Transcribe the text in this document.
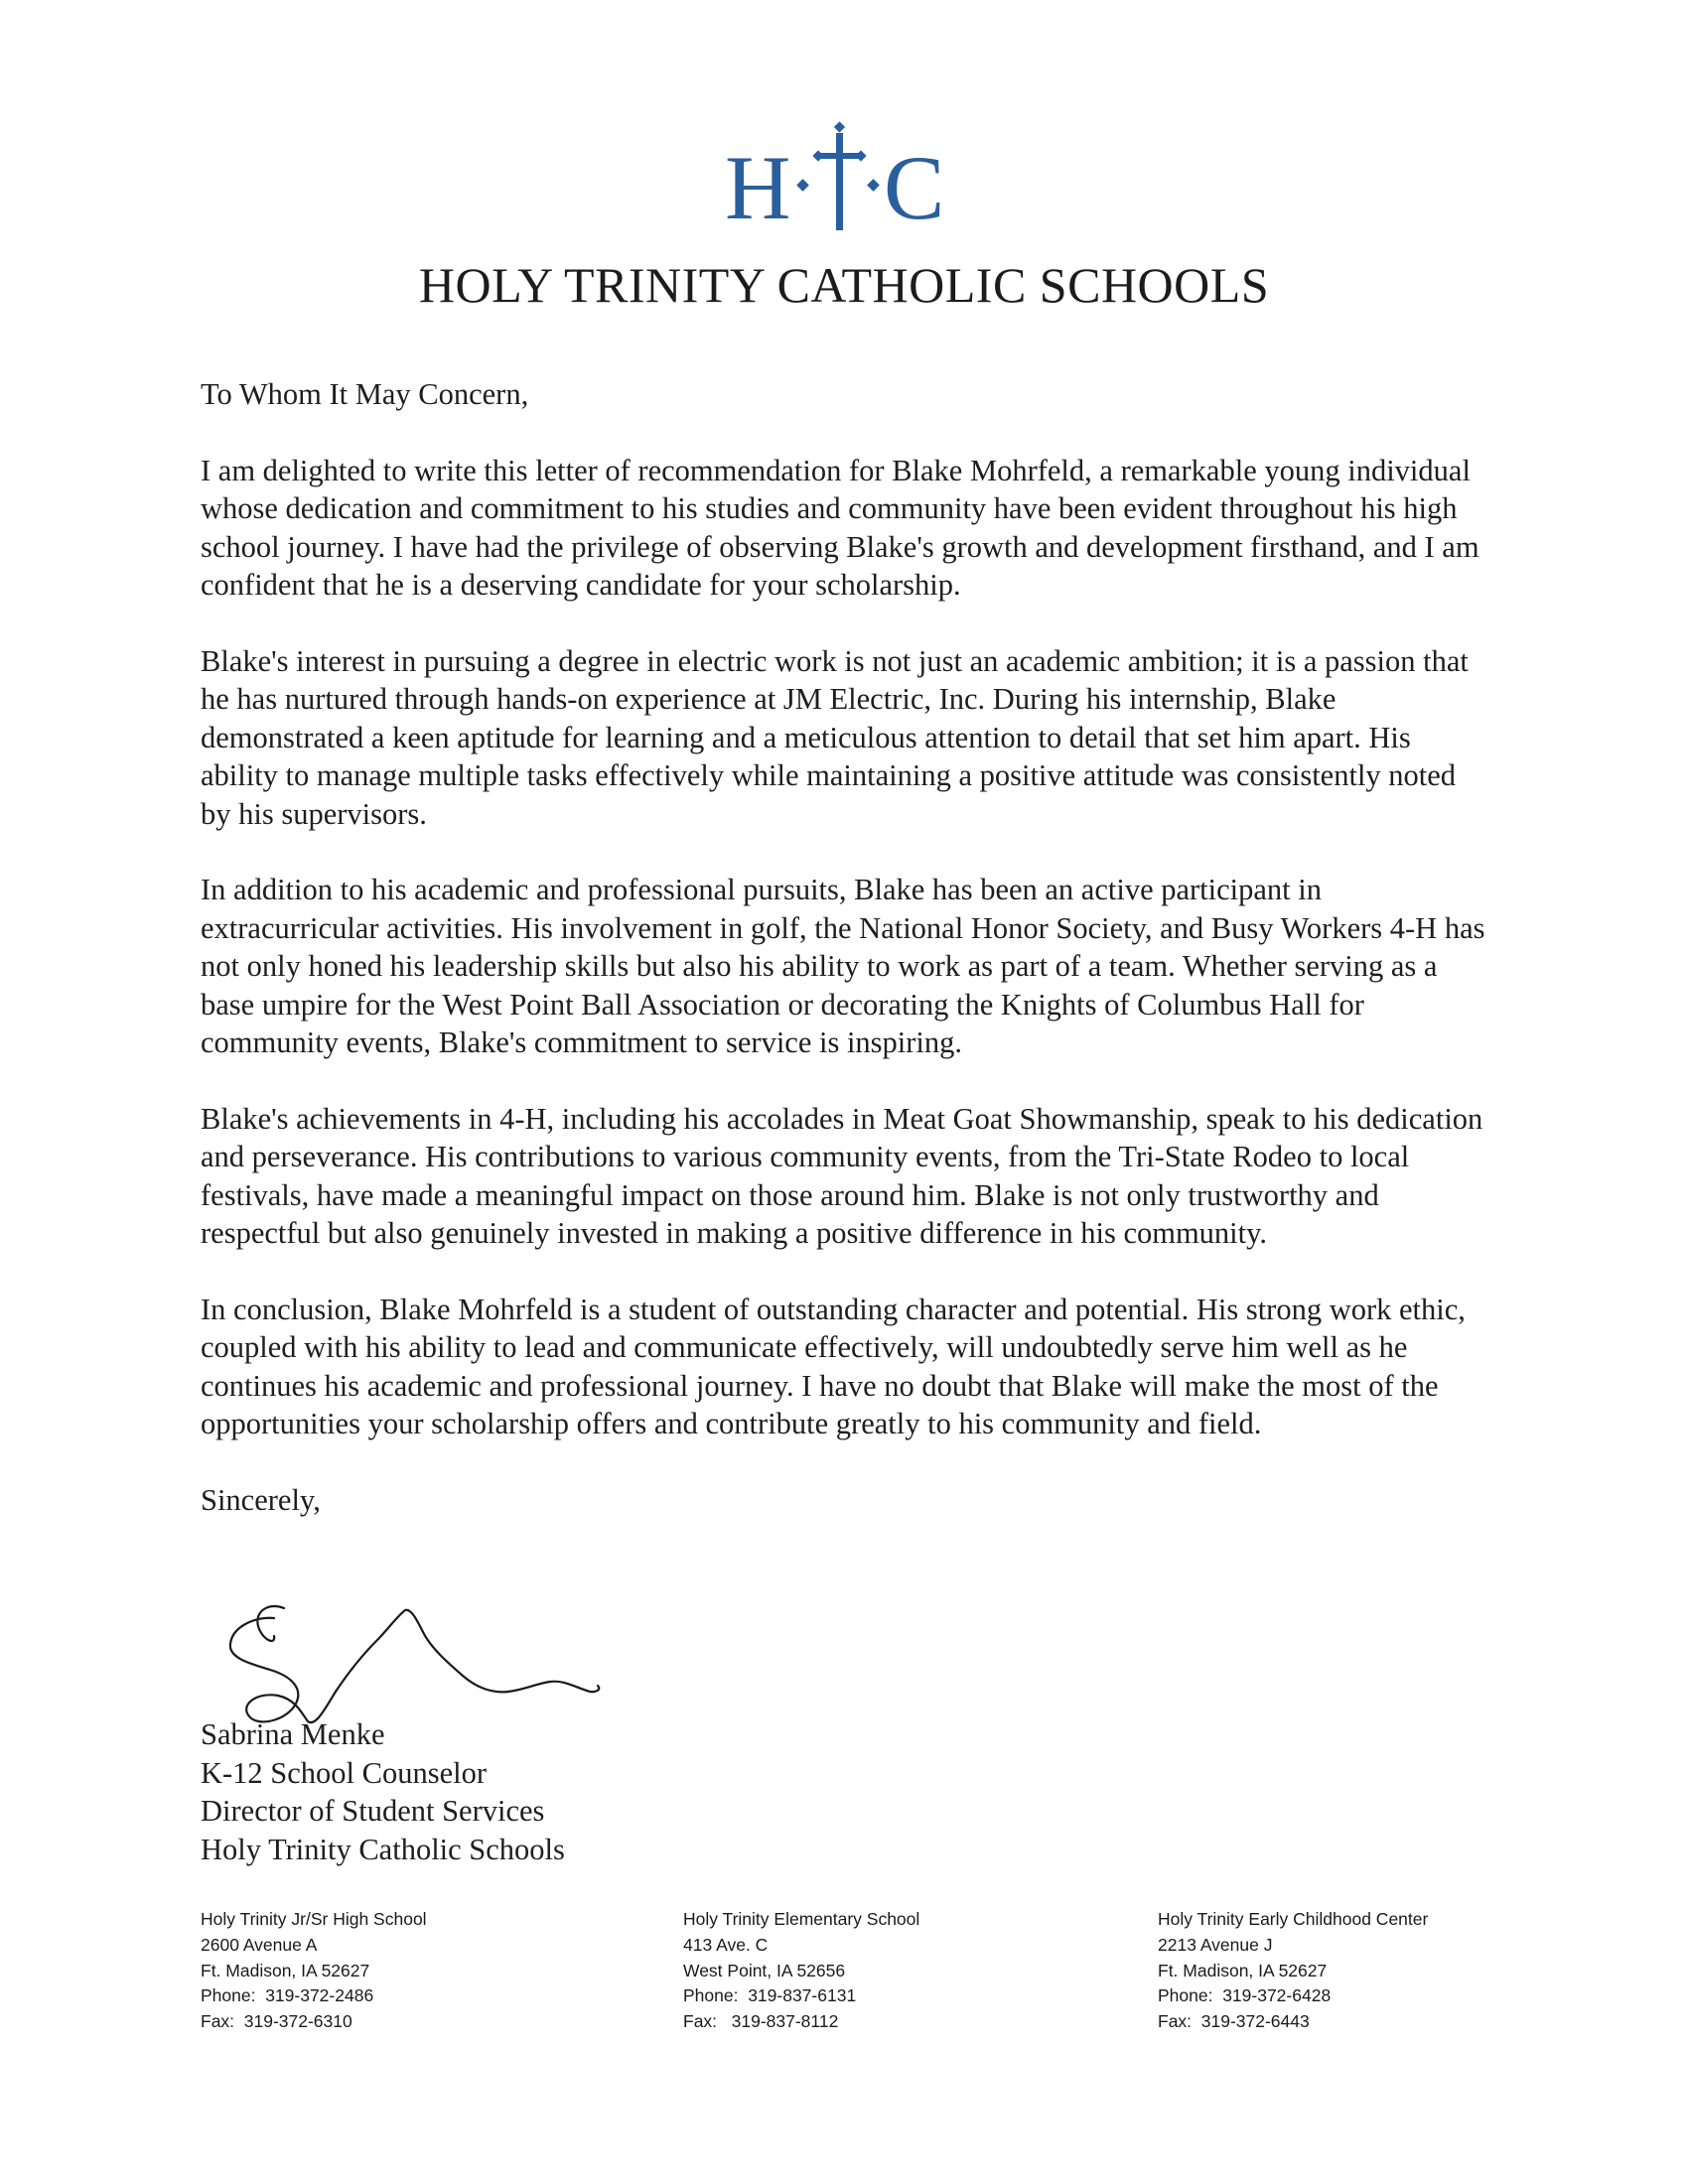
H C
HOLY TRINITY CATHOLIC SCHOOLS

To Whom It May Concern,

I am delighted to write this letter of recommendation for Blake Mohrfeld, a remarkable young individual whose dedication and commitment to his studies and community have been evident throughout his high school journey. I have had the privilege of observing Blake's growth and development firsthand, and I am confident that he is a deserving candidate for your scholarship.

Blake's interest in pursuing a degree in electric work is not just an academic ambition; it is a passion that he has nurtured through hands-on experience at JM Electric, Inc. During his internship, Blake demonstrated a keen aptitude for learning and a meticulous attention to detail that set him apart. His ability to manage multiple tasks effectively while maintaining a positive attitude was consistently noted by his supervisors.

In addition to his academic and professional pursuits, Blake has been an active participant in extracurricular activities. His involvement in golf, the National Honor Society, and Busy Workers 4-H has not only honed his leadership skills but also his ability to work as part of a team. Whether serving as a base umpire for the West Point Ball Association or decorating the Knights of Columbus Hall for community events, Blake's commitment to service is inspiring.

Blake's achievements in 4-H, including his accolades in Meat Goat Showmanship, speak to his dedication and perseverance. His contributions to various community events, from the Tri-State Rodeo to local festivals, have made a meaningful impact on those around him. Blake is not only trustworthy and respectful but also genuinely invested in making a positive difference in his community.

In conclusion, Blake Mohrfeld is a student of outstanding character and potential. His strong work ethic, coupled with his ability to lead and communicate effectively, will undoubtedly serve him well as he continues his academic and professional journey. I have no doubt that Blake will make the most of the opportunities your scholarship offers and contribute greatly to his community and field.

Sincerely,

Sabrina Menke
K-12 School Counselor
Director of Student Services
Holy Trinity Catholic Schools
Holy Trinity Jr/Sr High School
2600 Avenue A
Ft. Madison, IA 52627
Phone:  319-372-2486
Fax:  319-372-6310
Holy Trinity Elementary School
413 Ave. C
West Point, IA 52656
Phone:  319-837-6131
Fax:   319-837-8112
Holy Trinity Early Childhood Center
2213 Avenue J
Ft. Madison, IA 52627
Phone:  319-372-6428
Fax:  319-372-6443
